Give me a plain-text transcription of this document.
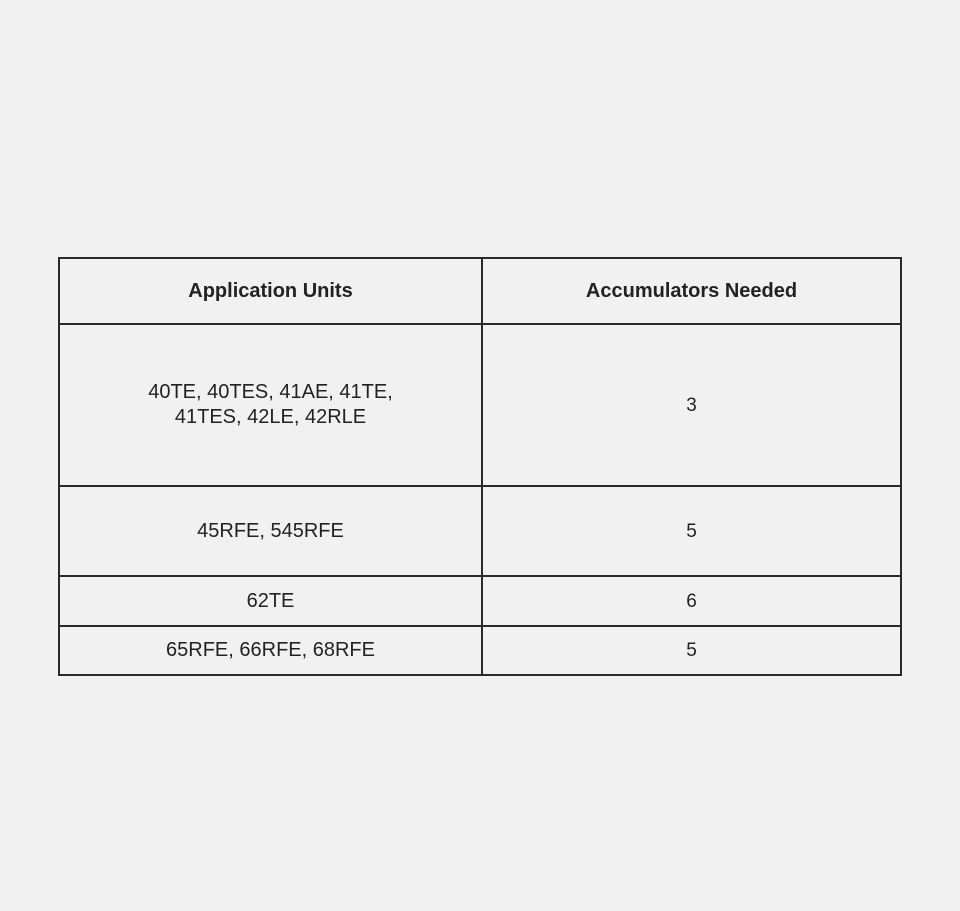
Application Units	Accumulators Needed
40TE, 40TES, 41AE, 41TE,
41TES, 42LE, 42RLE	3
45RFE, 545RFE	5
62TE	6
65RFE, 66RFE, 68RFE	5
